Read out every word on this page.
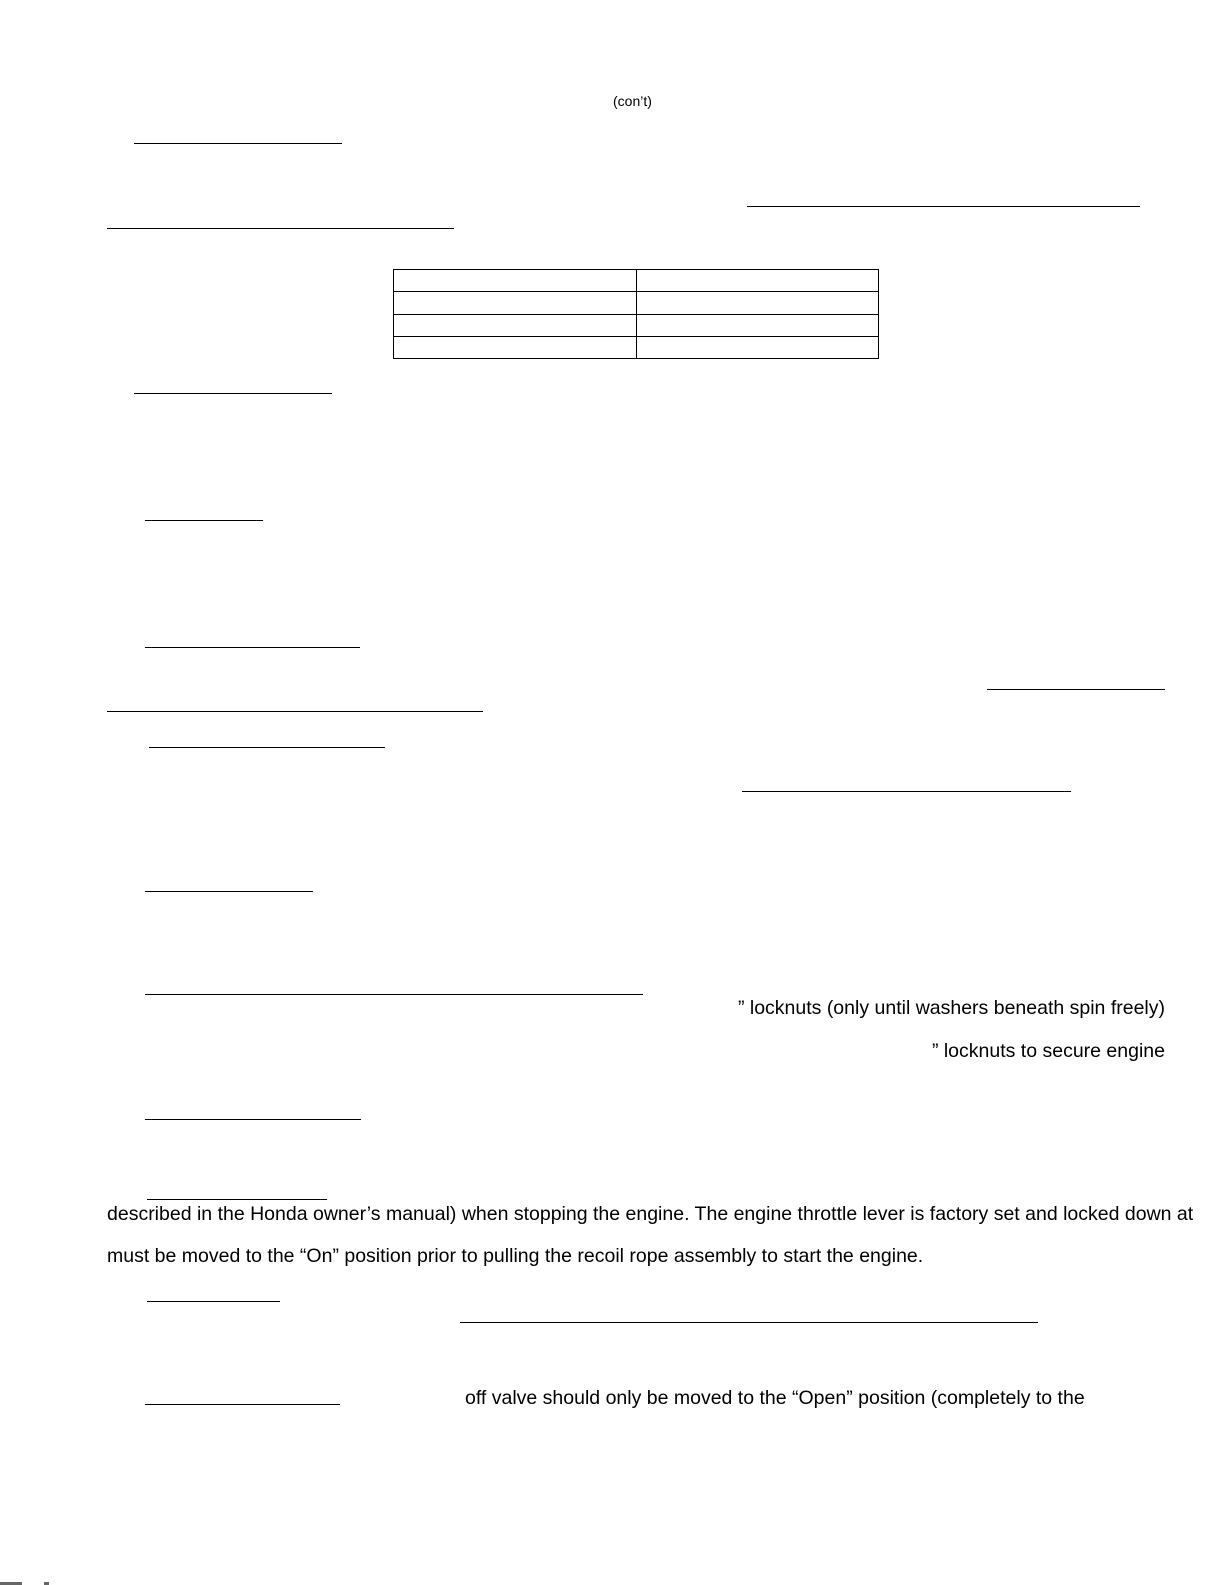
(con’t)

” locknuts (only until washers beneath spin freely)
” locknuts to secure engine
described in the Honda owner’s manual) when stopping the engine. The engine throttle lever is factory set and locked down at
must be moved to the “On” position prior to pulling the recoil rope assembly to start the engine.
off valve should only be moved to the “Open” position (completely to the
